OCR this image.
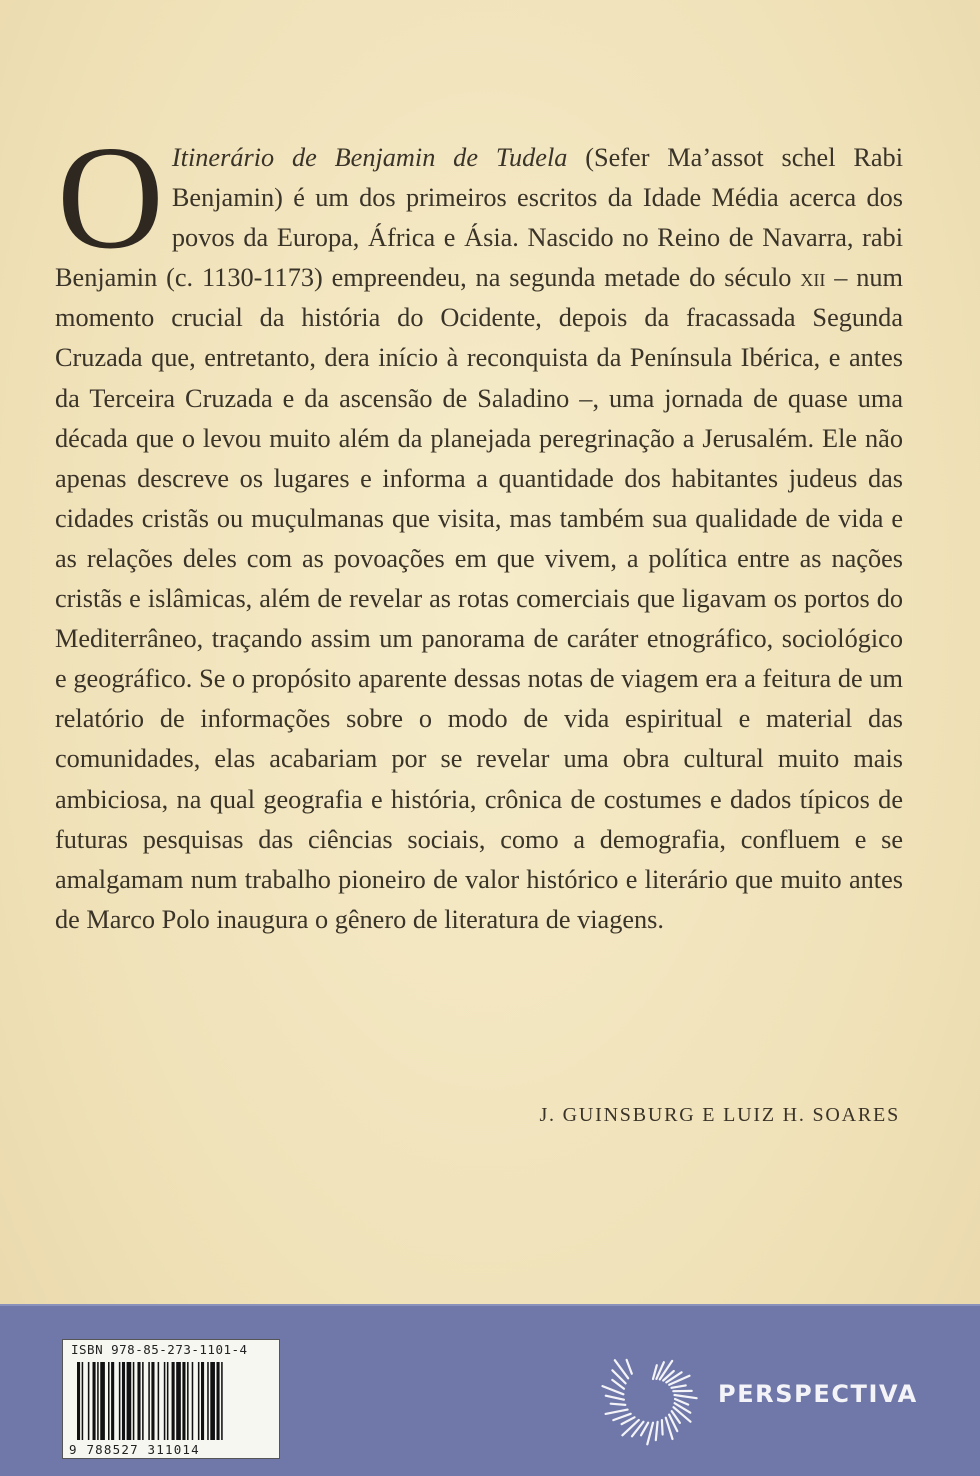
O Itinerário de Benjamin de Tudela (Sefer Ma’assot schel Rabi Benjamin) é um dos primeiros escritos da Idade Média acerca dos povos da Europa, África e Ásia. Nascido no Reino de Navarra, rabi Benjamin (c. 1130-1173) empreendeu, na segunda metade do século xii – num momento crucial da história do Ocidente, depois da fracassada Segunda Cruzada que, entretanto, dera início à reconquista da Península Ibérica, e antes da Terceira Cruzada e da ascensão de Saladino –, uma jornada de quase uma década que o levou muito além da planejada peregrinação a Jerusalém. Ele não apenas descreve os lugares e informa a quantidade dos habitantes judeus das cidades cristãs ou muçulmanas que visita, mas também sua qualidade de vida e as relações deles com as povoações em que vivem, a política entre as nações cristãs e islâmicas, além de revelar as rotas comerciais que ligavam os portos do Mediterrâneo, traçando assim um panorama de caráter etnográfico, sociológico e geográfico. Se o propósito aparente dessas notas de viagem era a feitura de um relatório de informações sobre o modo de vida espiritual e material das comunidades, elas acabariam por se revelar uma obra cultural muito mais ambiciosa, na qual geografia e história, crônica de costumes e dados típicos de futuras pesquisas das ciências sociais, como a demografia, confluem e se amalgamam num trabalho pioneiro de valor histórico e literário que muito antes de Marco Polo inaugura o gênero de literatura de viagens.
J. GUINSBURG E LUIZ H. SOARES
ISBN 978-85-273-1101-4
9 788527 311014
PERSPECTIVA
